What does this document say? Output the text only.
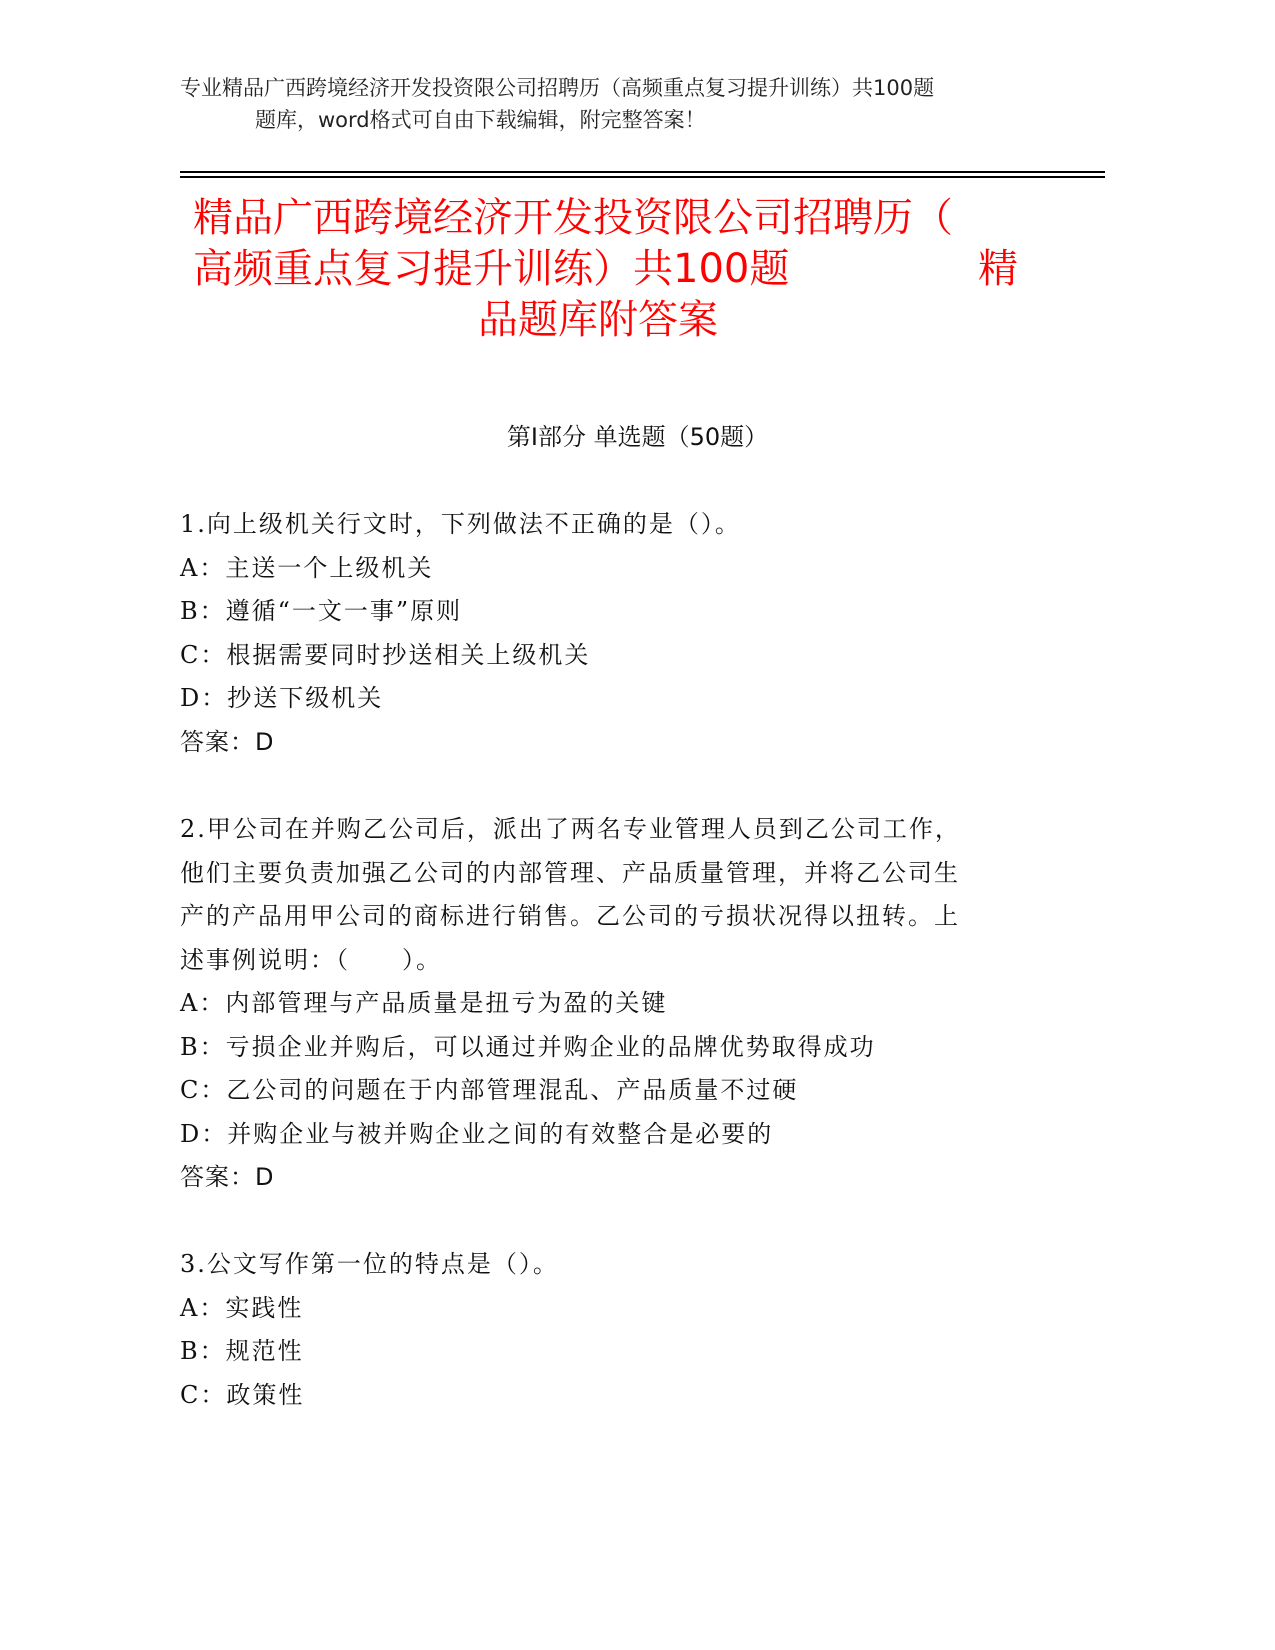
专业精品广西跨境经济开发投资限公司招聘历（高频重点复习提升训练）共100题
题库，word格式可自由下载编辑，附完整答案！
精品广西跨境经济开发投资限公司招聘历（
高频重点复习提升训练）共100题	精
品题库附答案
第Ⅰ部分 单选题（50题）

1.向上级机关行文时，下列做法不正确的是（）。

A：主送一个上级机关

B：遵循“一文一事”原则

C：根据需要同时抄送相关上级机关

D：抄送下级机关

答案：D

2.甲公司在并购乙公司后，派出了两名专业管理人员到乙公司工作，

他们主要负责加强乙公司的内部管理、产品质量管理，并将乙公司生

产的产品用甲公司的商标进行销售。乙公司的亏损状况得以扭转。上

述事例说明：（　　）。

A：内部管理与产品质量是扭亏为盈的关键

B：亏损企业并购后，可以通过并购企业的品牌优势取得成功

C：乙公司的问题在于内部管理混乱、产品质量不过硬

D：并购企业与被并购企业之间的有效整合是必要的

答案：D

3.公文写作第一位的特点是（）。

A：实践性

B：规范性

C：政策性
